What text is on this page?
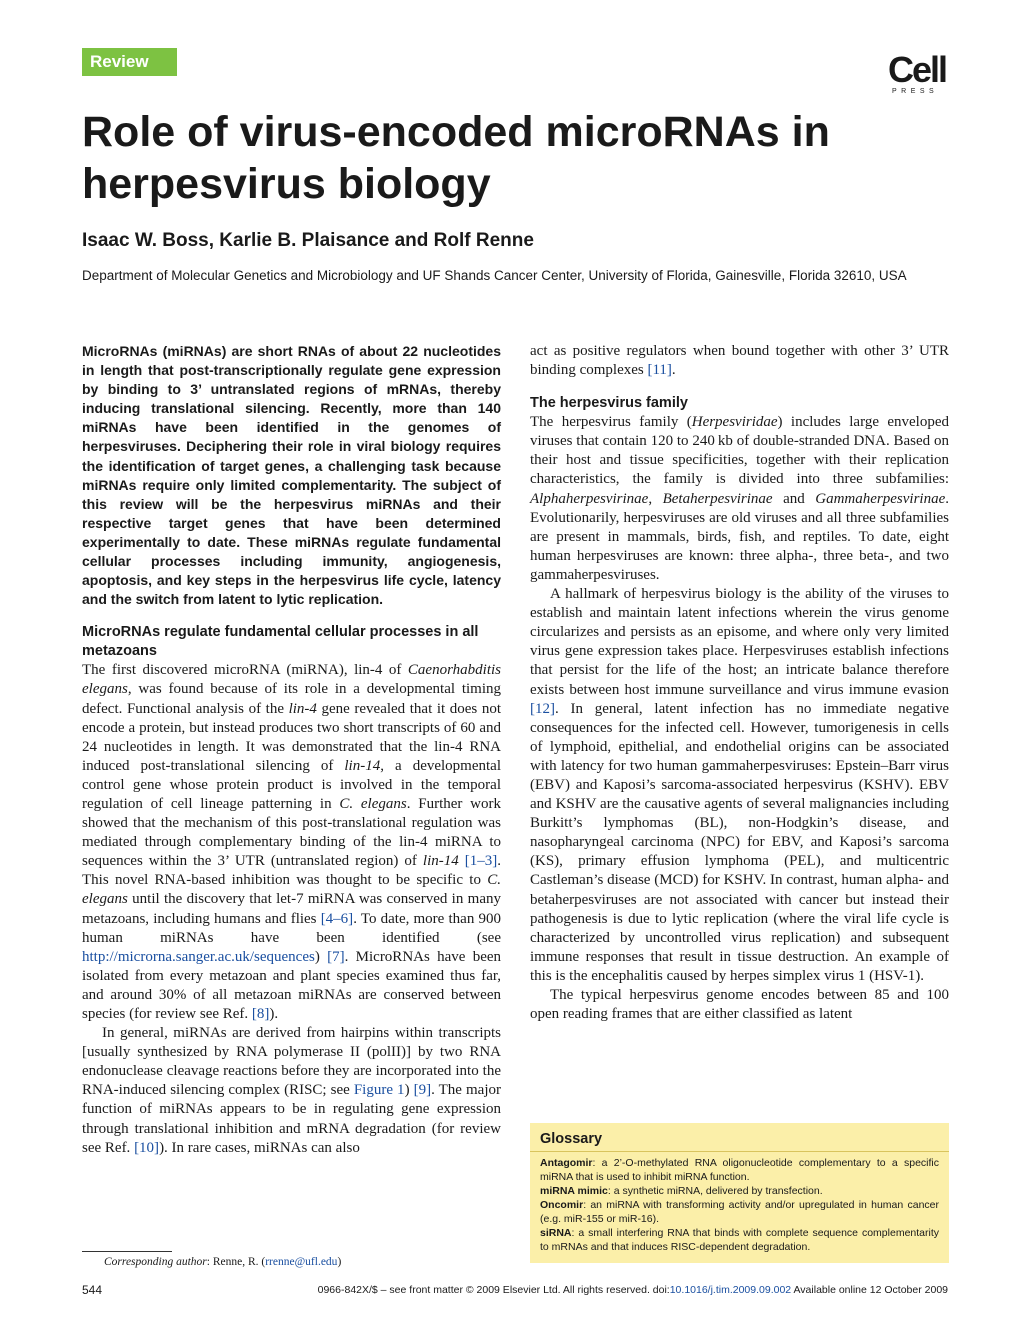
Review	Cell
PRESS
Role of virus-encoded microRNAs in herpesvirus biology

Isaac W. Boss, Karlie B. Plaisance and Rolf Renne

Department of Molecular Genetics and Microbiology and UF Shands Cancer Center, University of Florida, Gainesville, Florida 32610, USA

MicroRNAs (miRNAs) are short RNAs of about 22 nucleotides in length that post-transcriptionally regulate gene expression by binding to 3’ untranslated regions of mRNAs, thereby inducing translational silencing. Recently, more than 140 miRNAs have been identified in the genomes of herpesviruses. Deciphering their role in viral biology requires the identification of target genes, a challenging task because miRNAs require only limited complementarity. The subject of this review will be the herpesvirus miRNAs and their respective target genes that have been determined experimentally to date. These miRNAs regulate fundamental cellular processes including immunity, angiogenesis, apoptosis, and key steps in the herpesvirus life cycle, latency and the switch from latent to lytic replication.

MicroRNAs regulate fundamental cellular processes in all metazoans

The first discovered microRNA (miRNA), lin-4 of Caenorhabditis elegans, was found because of its role in a developmental timing defect. Functional analysis of the lin-4 gene revealed that it does not encode a protein, but instead produces two short transcripts of 60 and 24 nucleotides in length. It was demonstrated that the lin-4 RNA induced post-translational silencing of lin-14, a developmental control gene whose protein product is involved in the temporal regulation of cell lineage patterning in C. elegans. Further work showed that the mechanism of this post-translational regulation was mediated through complementary binding of the lin-4 miRNA to sequences within the 3’ UTR (untranslated region) of lin-14 [1–3]. This novel RNA-based inhibition was thought to be specific to C. elegans until the discovery that let-7 miRNA was conserved in many metazoans, including humans and flies [4–6]. To date, more than 900 human miRNAs have been identified (see http://microrna.sanger.ac.uk/sequences) [7]. MicroRNAs have been isolated from every metazoan and plant species examined thus far, and around 30% of all metazoan miRNAs are conserved between species (for review see Ref. [8]).

In general, miRNAs are derived from hairpins within transcripts [usually synthesized by RNA polymerase II (polII)] by two RNA endonuclease cleavage reactions before they are incorporated into the RNA-induced silencing complex (RISC; see Figure 1) [9]. The major function of miRNAs appears to be in regulating gene expression through translational inhibition and mRNA degradation (for review see Ref. [10]). In rare cases, miRNAs can also

act as positive regulators when bound together with other 3’ UTR binding complexes [11].

The herpesvirus family

The herpesvirus family (Herpesviridae) includes large enveloped viruses that contain 120 to 240 kb of double-stranded DNA. Based on their host and tissue specificities, together with their replication characteristics, the family is divided into three subfamilies: Alphaherpesvirinae, Betaherpesvirinae and Gammaherpesvirinae. Evolutionarily, herpesviruses are old viruses and all three subfamilies are present in mammals, birds, fish, and reptiles. To date, eight human herpesviruses are known: three alpha-, three beta-, and two gammaherpesviruses.

A hallmark of herpesvirus biology is the ability of the viruses to establish and maintain latent infections wherein the virus genome circularizes and persists as an episome, and where only very limited virus gene expression takes place. Herpesviruses establish infections that persist for the life of the host; an intricate balance therefore exists between host immune surveillance and virus immune evasion [12]. In general, latent infection has no immediate negative consequences for the infected cell. However, tumorigenesis in cells of lymphoid, epithelial, and endothelial origins can be associated with latency for two human gammaherpesviruses: Epstein–Barr virus (EBV) and Kaposi’s sarcoma-associated herpesvirus (KSHV). EBV and KSHV are the causative agents of several malignancies including Burkitt’s lymphomas (BL), non-Hodgkin’s disease, and nasopharyngeal carcinoma (NPC) for EBV, and Kaposi’s sarcoma (KS), primary effusion lymphoma (PEL), and multicentric Castleman’s disease (MCD) for KSHV. In contrast, human alpha- and betaherpesviruses are not associated with cancer but instead their pathogenesis is due to lytic replication (where the viral life cycle is characterized by uncontrolled virus replication) and subsequent immune responses that result in tissue destruction. An example of this is the encephalitis caused by herpes simplex virus 1 (HSV-1).

The typical herpesvirus genome encodes between 85 and 100 open reading frames that are either classified as latent

Glossary

Antagomir: a 2’-O-methylated RNA oligonucleotide complementary to a specific miRNA that is used to inhibit miRNA function.

miRNA mimic: a synthetic miRNA, delivered by transfection.

Oncomir: an miRNA with transforming activity and/or upregulated in human cancer (e.g. miR-155 or miR-16).

siRNA: a small interfering RNA that binds with complete sequence complementarity to mRNAs and that induces RISC-dependent degradation.

Corresponding author: Renne, R. (rrenne@ufl.edu)

544	0966-842X/$ – see front matter © 2009 Elsevier Ltd. All rights reserved. doi:10.1016/j.tim.2009.09.002 Available online 12 October 2009
